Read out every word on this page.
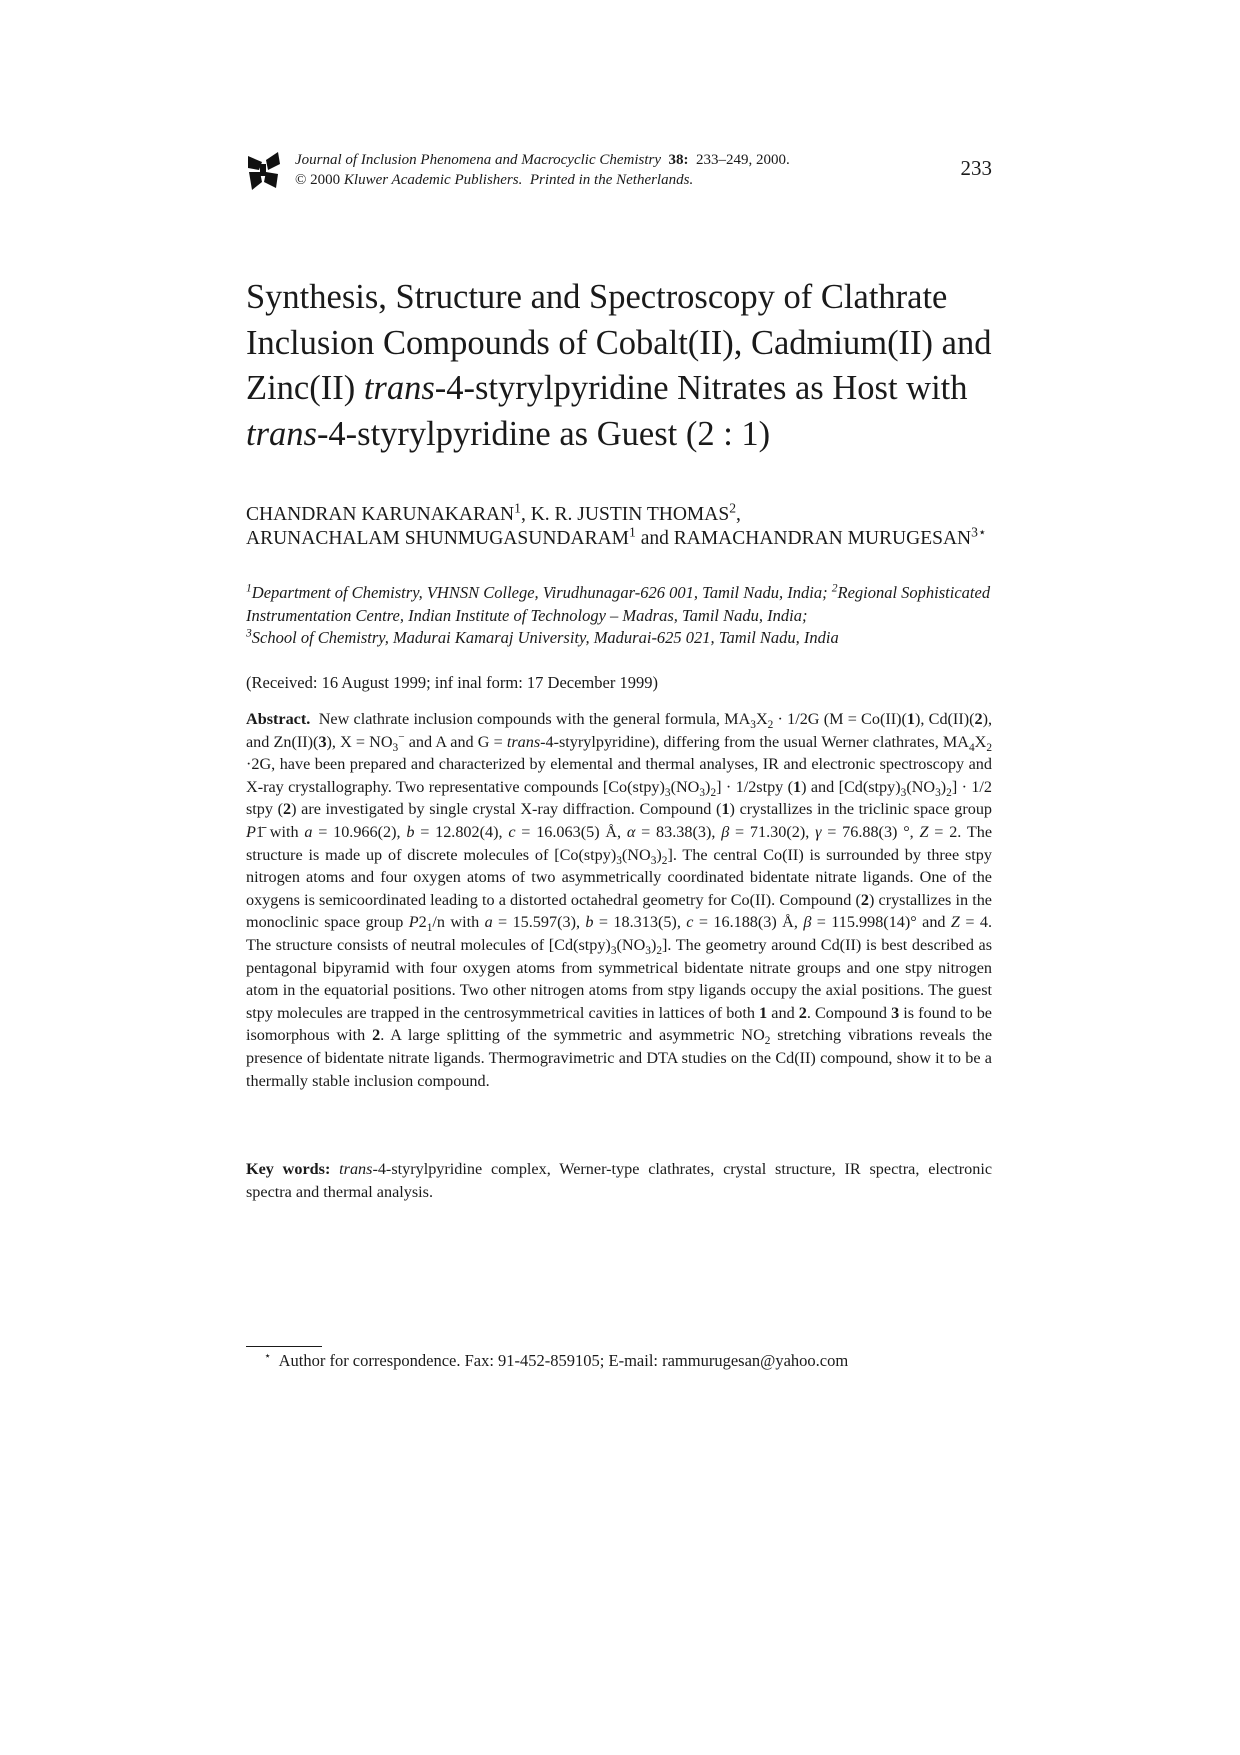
Journal of Inclusion Phenomena and Macrocyclic Chemistry 38: 233–249, 2000.
© 2000 Kluwer Academic Publishers. Printed in the Netherlands.	233
Synthesis, Structure and Spectroscopy of Clathrate Inclusion Compounds of Cobalt(II), Cadmium(II) and Zinc(II) trans-4-styrylpyridine Nitrates as Host with trans-4-styrylpyridine as Guest (2 : 1)
CHANDRAN KARUNAKARAN$^1$, K. R. JUSTIN THOMAS$^2$,
ARUNACHALAM SHUNMUGASUNDARAM$^1$ and RAMACHANDRAN $MURUGESAN^{3⋆}$
$^1$Department of Chemistry, VHNSN College, Virudhunagar-626 001, Tamil Nadu, India; $^2$Regional Sophisticated Instrumentation Centre, Indian Institute of Technology – Madras, Tamil Nadu, India;
$^3$School of Chemistry, Madurai Kamaraj University, Madurai-625 021, Tamil Nadu, India
(Received: 16 August 1999; inf inal form: 17 December 1999)
Abstract. New clathrate inclusion compounds with the general formula, $MA_3X_2 \cdot 1/2G$ (M = Co(II)(1), Cd(II)(2), and Zn(II)(3), $X = NO_3^-$ and A and G = trans-4-styrylpyridine), differing from the usual Werner clathrates, $MA_4X_2 \cdot 2G$, have been prepared and characterized by elemental and thermal analyses, IR and electronic spectroscopy and X-ray crystallography. Two representative compounds $[Co(stpy)_3(NO_3)_2]$ · 1/2stpy (1) and $[Cd(stpy)_3(NO_3)_2] \cdot 1/2$ stpy (2) are investigated by single crystal X-ray diffraction. Compound (1) crystallizes in the triclinic space group P1̄ with a = 10.966(2), b = 12.802(4), c = 16.063(5) Å, α = 83.38(3), β = 71.30(2), γ = 76.88(3) °, Z = 2. The structure is made up of discrete molecules of $[Co(stpy)_3(NO_3)_2]$. The central Co(II) is surrounded by three stpy nitrogen atoms and four oxygen atoms of two asymmetrically coordinated bidentate nitrate ligands. One of the oxygens is semicoordinated leading to a distorted octahedral geometry for Co(II). Compound (2) crystallizes in the monoclinic space group $P2_1/n$ with a = 15.597(3), b = 18.313(5), c = 16.188(3) Å, β = 115.998(14)° and Z = 4. The structure consists of neutral molecules of $[Cd(stpy)_3(NO_3)_2]$. The geometry around Cd(II) is best described as pentagonal bipyramid with four oxygen atoms from symmetrical bidentate nitrate groups and one stpy nitrogen atom in the equatorial positions. Two other nitrogen atoms from stpy ligands occupy the axial positions. The guest stpy molecules are trapped in the centrosymmetrical cavities in lattices of both 1 and 2. Compound 3 is found to be isomorphous with 2. A large splitting of the symmetric and asymmetric $NO_2$ stretching vibrations reveals the presence of bidentate nitrate ligands. Thermogravimetric and DTA studies on the Cd(II) compound, show it to be a thermally stable inclusion compound.
Key words: trans-4-styrylpyridine complex, Werner-type clathrates, crystal structure, IR spectra, electronic spectra and thermal analysis.
⋆ Author for correspondence. Fax: 91-452-859105; E-mail: rammurugesan@yahoo.com
